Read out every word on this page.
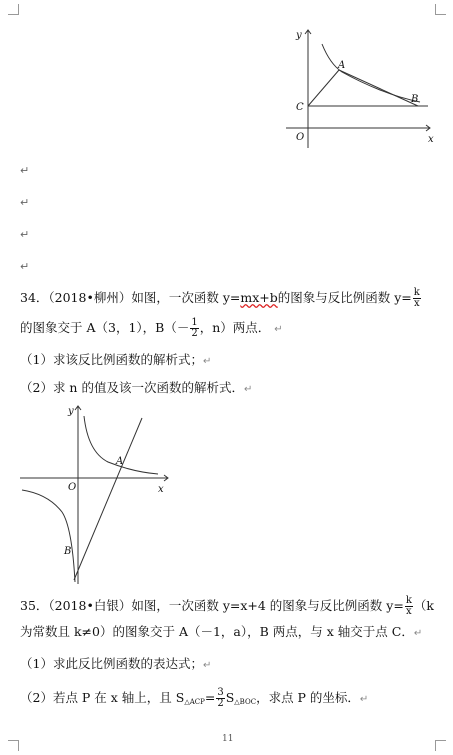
y
x
O
A
B
C
↵
↵
↵
↵
34．（2018•柳州）如图，一次函数 y=mx+b的图象与反比例函数 $y= \frac{k}{x}$
的图象交于 A（3，1），$B(- \frac{1}{2}$ ，n）两点． ↵
（1）求该反比例函数的解析式；↵
（2）求 n 的值及该一次函数的解析式．↵
y
x
O
A
B
35．（2018•白银）如图，一次函数 y=x+4 的图象与反比例函数 $y= \frac{k}{x} (k$
为常数且 k≠0）的图象交于 A（－1，a），B 两点，与 x 轴交于点 C．↵
（1）求此反比例函数的表达式；↵
（2）若点 P 在 x 轴上，且 $S_{\triangle ACP}= \frac{3}{2} S_{\triangle BOC}$，求点 P 的坐标．↵
11
